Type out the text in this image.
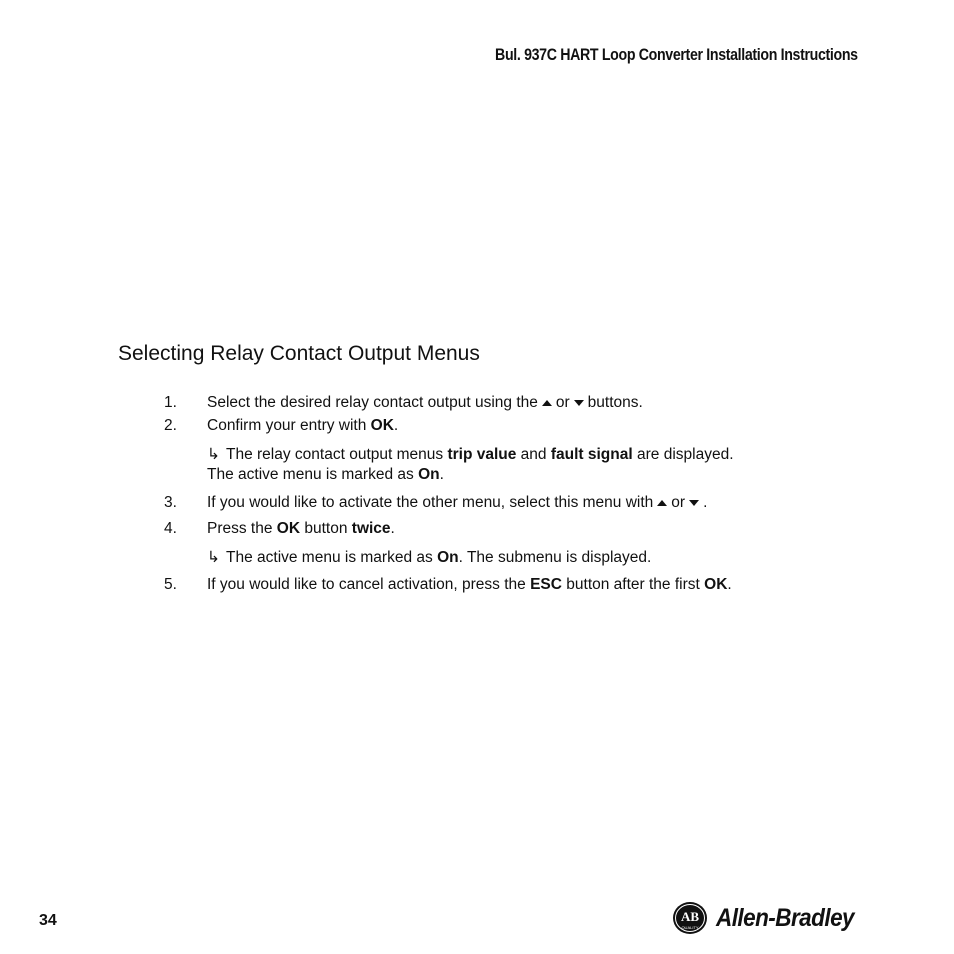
Bul. 937C HART Loop Converter Installation Instructions
Selecting Relay Contact Output Menus
1. Select the desired relay contact output using the or buttons.
2. Confirm your entry with OK.
↳ The relay contact output menus trip value and fault signal are displayed.
The active menu is marked as On.
3. If you would like to activate the other menu, select this menu with or .
4. Press the OK button twice.
↳ The active menu is marked as On. The submenu is displayed.
5. If you would like to cancel activation, press the ESC button after the first OK.
34	AB
QUALITY Allen-Bradley
